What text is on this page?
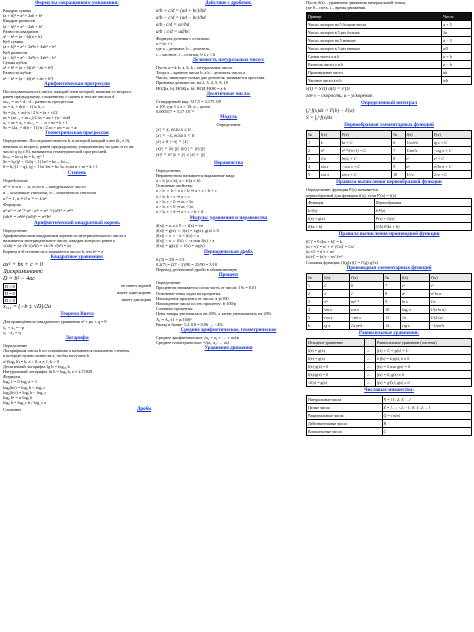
Формулы сокращенного умножения:
Квадрат суммы
(a + b)² = a² + 2ab + b²
Квадрат разности
(a − b)² = a² − 2ab + b²
Разность квадратов
a² − b² = (a − b)(a + b)
Куб суммы
(a + b)³ = a³ + 3a²b + 3ab² + b³
Куб разности
(a − b)³ = a³ − 3a²b + 3ab² − b³
Сумма кубов
a³ + b³ = (a + b)(a² − ab + b²)
Разность кубов
a³ − b³ = (a − b)(a² + ab + b²)
Арифметическая прогрессия
Последовательность чисел, каждый член которой, начиная со второго,
равен предыдущему, сложенному с одним и тем же числом d.
aₙ₊₁ = aₙ + d ; d – разность прогрессии.
aₙ = a₁ + d(n − 1) a, b, c
Sₙ = (a₁ + aₙ)·n / 2 b = (a + c)/2
aₙ = (aₙ₋₁ + aₙ₊₁)/2 aₙ = aₘ + (n − m)d
a₁ + aₙ = a₂ + aₙ₋₁ = … n + m = k + l
Sₙ = (2a₁ + d(n − 1))·n / 2 aₙ + aₘ = aₖ + aₗ
Геометрическая прогрессия
Определение: Последовательность b, в которой каждый член (b₁ ≠ 0),
начиная со второго, равен предыдущему, умноженному на одно и то же
число q (q ≠ 0), называется геометрической прогрессией.
bₙ₊₁ = bₙ·q bₙ = b₁·qⁿ⁻¹
Sₙ = b₁(qⁿ − 1)/(q − 1) bₙ² = bₙ₋₁·bₙ₊₁
S = b₁/(1 − q), |q| < 1 bₙ·bₘ = bₖ·bₗ, если n + m = k + l
Степень
Определение
aⁿ = a·a·a·…·a, если n – натуральное число
a – основание степени, n – показатель степени
a⁰ = 1, a ≠ 0 a⁻ⁿ = 1/aⁿ
Формулы
aⁿ·aᵐ = aⁿ⁺ᵐ aⁿ : aᵐ = aⁿ⁻ᵐ (aⁿ)ᵐ = aⁿᵐ
(ab)ⁿ = aⁿbⁿ (a/b)ⁿ = aⁿ/bⁿ
Арифметический квадратный корень
Определение
Арифметическим квадратным корнем из неотрицательного числа a
называется неотрицательное число, квадрат которого равен a
√(ab) = √a·√b √(a/b) = √a/√b √(a²) = |a|
Корнем n-й степени из a называется число b, что bⁿ = a
Квадратное уравнение:
ax² + bx + c = 0
Дискриминант:
D = b² − 4ac
D < 0	не имеет корней
D = 0	имеет один корень
D > 0	имеет два корня
x₁,₂ = (−b ± √D)/2a
Теорема Виета
Для приведённого квадратного уравнения x² + px + q = 0
x₁ + x₂ = −p
x₁ · x₂ = q
Логарифм
Определение
Логарифмом числа b по основанию a называется показатель степени,
в которую нужно возвести a, чтобы получить b
a^(logₐ b) = b, a > 0, a ≠ 1, b > 0
Десятичный логарифм: lg b = log₁₀ b
Натуральный логарифм: ln b = logₑ b, e ≈ 2,71828
Формулы
logₐ 1 = 0 logₐ a = 1
logₐ(bc) = logₐ b + logₐ c
logₐ(b/c) = logₐ b − logₐ c
logₐ bⁿ = n·logₐ b
logₐ b = log_c b / log_c a
Сложение	Дроби
Действие с дробями:
a/b + c/d = (ad + bc)/bd
a/b − c/d = (ad − bc)/bd
a/b · c/d = ac/bd
a/b : c/d = ad/bc
Формула деления с остатком:
a = bc + r
где a – делимое, b – делитель,
c – частное, r – остаток, 0 ≤ r < b
Делимость натуральных чисел:
Пусть a = k·b, a, b, k – натуральные числа.
Тогда a – кратное числа b, а b – делитель числа a.
Число, имеющее только два делителя, называется простым.
Признаки делимости: на 2, 3, 4, 5, 9, 10
НОД(a, b), НОК(a, b): НОД·НОК = a·b
Десятичные числа:
Стандартный вид: 317,5 = 3,175·10²
a·10ⁿ, где 1 ≤ a < 10, n – целое
0,000317 = 3,17·10⁻⁴
Модуль
Определение
|x| = x, если x ≥ 0
|x| = −x, если x < 0
|x| ≥ 0 |−x| = |x|
|xy| = |x|·|y| |x/y| = |x|/|y|
|x|² = x² |x + y| ≤ |x| + |y|
Неравенства
Определение:
Неравенством называется выражение вида:
a < b (a ≤ b), a > b (a ≥ b)
Основные свойства:
a > b ⇔ b < a a > b ⇒ a + c > b + c
a > b, b > c ⇒ a > c
a > b, c > 0 ⇒ ac > bc
a > b, c < 0 ⇒ ac < bc
a > b, c > d ⇒ a + c > b + d
Модуль: уравнения и неравенства
|f(x)| = a, a ≥ 0 ⇔ f(x) = ±a
|f(x)| = g(x) ⇔ f(x) = ±g(x), g(x) ≥ 0
|f(x)| < a ⇔ −a < f(x) < a
|f(x)| > a ⇔ f(x) < −a или f(x) > a
|f(x)| = |g(x)| ⇔ f(x) = ±g(x)
Периодическая дробь
0,(3) = 3/9 = 1/3
0,2(7) = (27 − 2)/90 = 25/90 = 5/18
Перевод десятичной дроби в обыкновенную
Процент
Определение:
Процентом называется сотая часть от числа: 1% = 0,01
Основные типы задач на проценты:
Нахождение процента от числа: a·p/100
Нахождение числа по его проценту: b·100/p
Сложные проценты:
Цена товара увеличилась на 20%, а затем уменьшилась на 20%
A₁ = A₀·(1 + p/100)ⁿ
Вклад в банке: 1,2·0,8 = 0,96 → −4%
Средние арифметическое, геометрическое
Среднее арифметическое: (a₁ + a₂ + … + aₙ)/n
Среднее геометрическое: ⁿ√(a₁·a₂·…·aₙ)
Уравнение движения
Пусть S(t) – уравнение движения материальной точки,
где S – путь, t – время движения.
Пример	Число
Число, которое на 5 больше числа	a + 5
Число, которое в 5 раз больше	5a
Число, которое на 5 меньше	a − 5
Число, которое в 5 раз меньше	a/5
Сумма чисел a и b	a + b
Разность чисел a и b	a − b
Произведение чисел	ab
Частное чисел a и b	a/b
v(t) = S′(t) a(t) = v′(t)
где v – скорость, a – ускорение.
Определенный интеграл
∫ₐᵇ f(x)dx = F(b) − F(a)
S = ∫ₐᵇ f(x)dx
Первообразная элементарных функций
№	f(x)	F(x)	№	f(x)	F(x)
1	k	kx + C	6	1/cos²x	tg x + C
2	xⁿ	xⁿ⁺¹/(n+1) + C	7	1/sin²x	−ctg x + C
3	1/x	ln|x| + C	8	eˣ	eˣ + C
4	sin x	−cos x + C	9	aˣ	aˣ/ln a + C
5	cos x	sin x + C	10	1/√x	2√x + C
Правила вычисления первообразной функции
Определение: функция F(x) называется
первообразной для функции f(x), если F′(x) = f(x)
Функция	Первообразная
k·f(x)	k·F(x)
f(x) + g(x)	F(x) + G(x)
f(kx + b)	(1/k)·F(kx + b)
Правила вычисления производной функции
(C)′ = 0 (kx + b)′ = k
(u + v)′ = u′ + v′ (Cu)′ = Cu′
(u·v)′ = u′v + uv′
(u/v)′ = (u′v − uv′)/v²
Сложная функция: (f(g(x)))′ = f′(g)·g′(x)
Производная элементарных функций
№	f(x)	f′(x)	№	f(x)	f′(x)
1	C	0	7	eˣ	eˣ
2	x	1	8	aˣ	aˣ ln a
3	xⁿ	nxⁿ⁻¹	9	ln x	1/x
4	sin x	cos x	10	logₐ x	1/(x ln a)
5	cos x	−sin x	11	√x	1/(2√x)
6	tg x	1/cos²x	12	ctg x	−1/sin²x
Равносильные уравнения:
Исходное уравнение		Равносильное уравнение (система)
f(x) = g(x)	⇔	f(x) + C = g(x) + C
f(x) = g(x)	⇔	k·f(x) = k·g(x), k ≠ 0
f(x)·g(x) = 0	⇔	f(x) = 0 или g(x) = 0
f(x)/g(x) = 0	⇔	f(x) = 0, g(x) ≠ 0
√f(x) = g(x)	⇔	f(x) = g²(x), g(x) ≥ 0
Числовые множества:
Натуральные числа	N = {1; 2; 3; …}
Целые числа	Z = {…; −2; −1; 0; 1; 2; …}
Рациональные числа	Q = {m/n}
Действительные числа	R
Комплексные числа	C
